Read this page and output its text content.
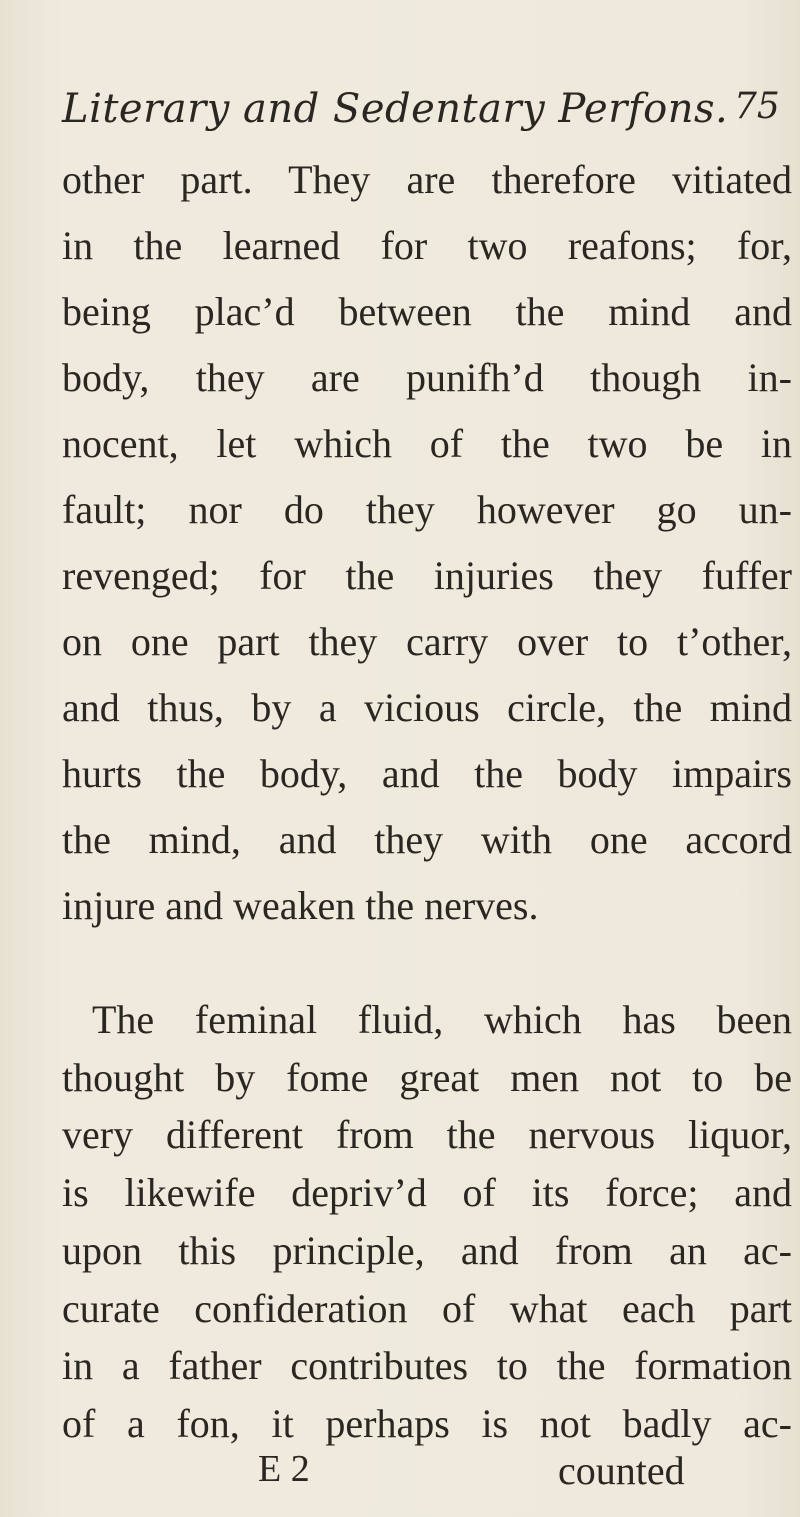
Literary and Sedentary Perfons. 75
other part. They are therefore vitiated
in the learned for two reafons; for,
being plac’d between the mind and
body, they are punifh’d though in-
nocent, let which of the two be in
fault; nor do they however go un-
revenged; for the injuries they fuffer
on one part they carry over to t’other,
and thus, by a vicious circle, the mind
hurts the body, and the body impairs
the mind, and they with one accord
injure and weaken the nerves.
The feminal fluid, which has been
thought by fome great men not to be
very different from the nervous liquor,
is likewife depriv’d of its force; and
upon this principle, and from an ac-
curate confideration of what each part
in a father contributes to the formation
of a fon, it perhaps is not badly ac-
E 2	counted
